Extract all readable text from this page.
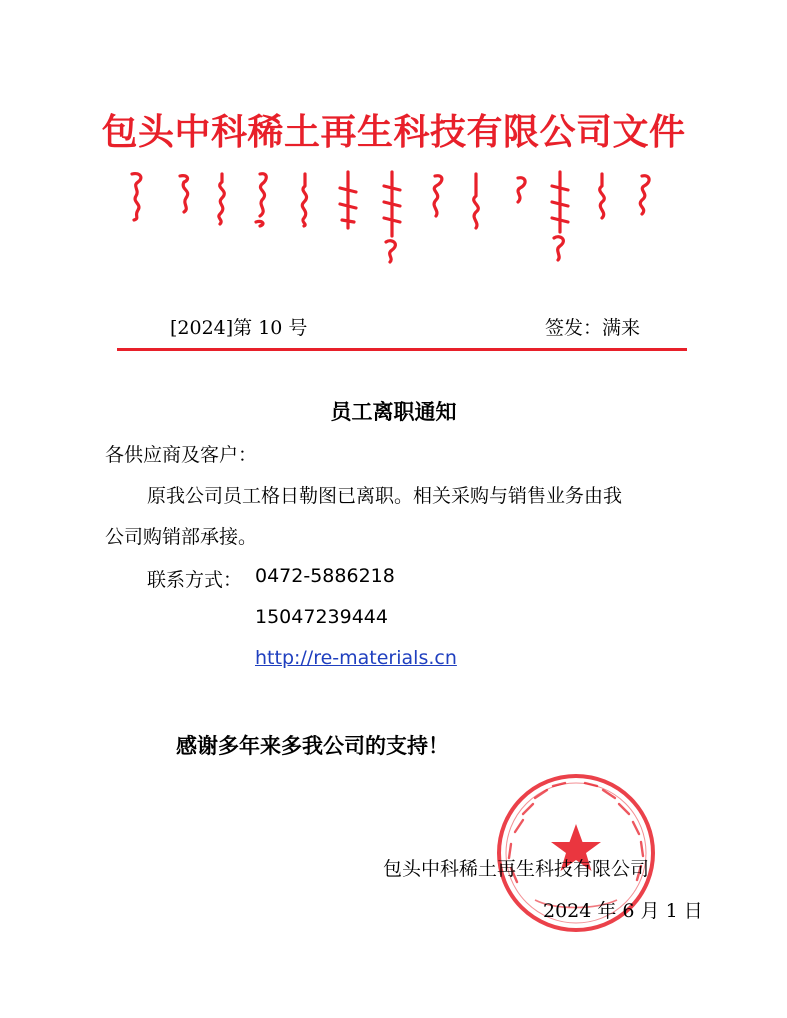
包头中科稀土再生科技有限公司文件
[2024]第 10 号	签发：满来
员工离职通知
各供应商及客户：
原我公司员工格日勒图已离职。相关采购与销售业务由我
公司购销部承接。
联系方式： 0472-5886218
15047239444
http://re-materials.cn
感谢多年来多我公司的支持！
包头中科稀土再生科技有限公司
2024 年 6 月 1 日
